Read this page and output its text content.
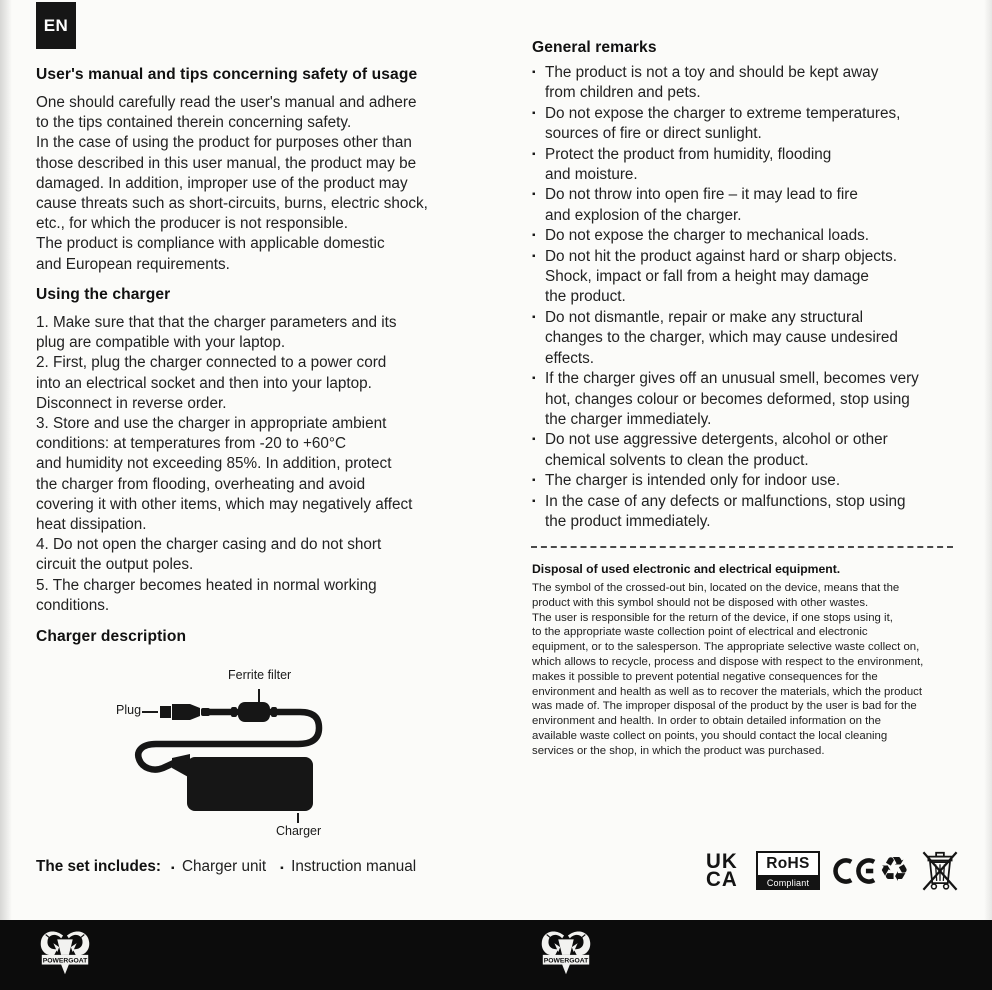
EN
User's manual and tips concerning safety of usage
One should carefully read the user's manual and adhere
to the tips contained therein concerning safety.
In the case of using the product for purposes other than
those described in this user manual, the product may be
damaged. In addition, improper use of the product may
cause threats such as short-circuits, burns, electric shock,
etc., for which the producer is not responsible.
The product is compliance with applicable domestic
and European requirements.
Using the charger
1. Make sure that that the charger parameters and its
plug are compatible with your laptop.
2. First, plug the charger connected to a power cord
into an electrical socket and then into your laptop.
Disconnect in reverse order.
3. Store and use the charger in appropriate ambient
conditions: at temperatures from -20 to +60°C
and humidity not exceeding 85%. In addition, protect
the charger from flooding, overheating and avoid
covering it with other items, which may negatively affect
heat dissipation.
4. Do not open the charger casing and do not short
circuit the output poles.
5. The charger becomes heated in normal working
conditions.
Charger description
Ferrite filter
Plug
Charger
The set includes: ▪ Charger unit ▪ Instruction manual
General remarks
▪ The product is not a toy and should be kept away
from children and pets.
▪ Do not expose the charger to extreme temperatures,
sources of fire or direct sunlight.
▪ Protect the product from humidity, flooding
and moisture.
▪ Do not throw into open fire – it may lead to fire
and explosion of the charger.
▪ Do not expose the charger to mechanical loads.
▪ Do not hit the product against hard or sharp objects.
Shock, impact or fall from a height may damage
the product.
▪ Do not dismantle, repair or make any structural
changes to the charger, which may cause undesired
effects.
▪ If the charger gives off an unusual smell, becomes very
hot, changes colour or becomes deformed, stop using
the charger immediately.
▪ Do not use aggressive detergents, alcohol or other
chemical solvents to clean the product.
▪ The charger is intended only for indoor use.
▪ In the case of any defects or malfunctions, stop using
the product immediately.
Disposal of used electronic and electrical equipment.
The symbol of the crossed-out bin, located on the device, means that the
product with this symbol should not be disposed with other wastes.
The user is responsible for the return of the device, if one stops using it,
to the appropriate waste collection point of electrical and electronic
equipment, or to the salesperson. The appropriate selective waste collect on,
which allows to recycle, process and dispose with respect to the environment,
makes it possible to prevent potential negative consequences for the
environment and health as well as to recover the materials, which the product
was made of. The improper disposal of the product by the user is bad for the
environment and health. In order to obtain detailed information on the
available waste collect on points, you should contact the local cleaning
services or the shop, in which the product was purchased.
UK
CA
RoHS
Compliant ♻
POWERGOAT	POWERGOAT
